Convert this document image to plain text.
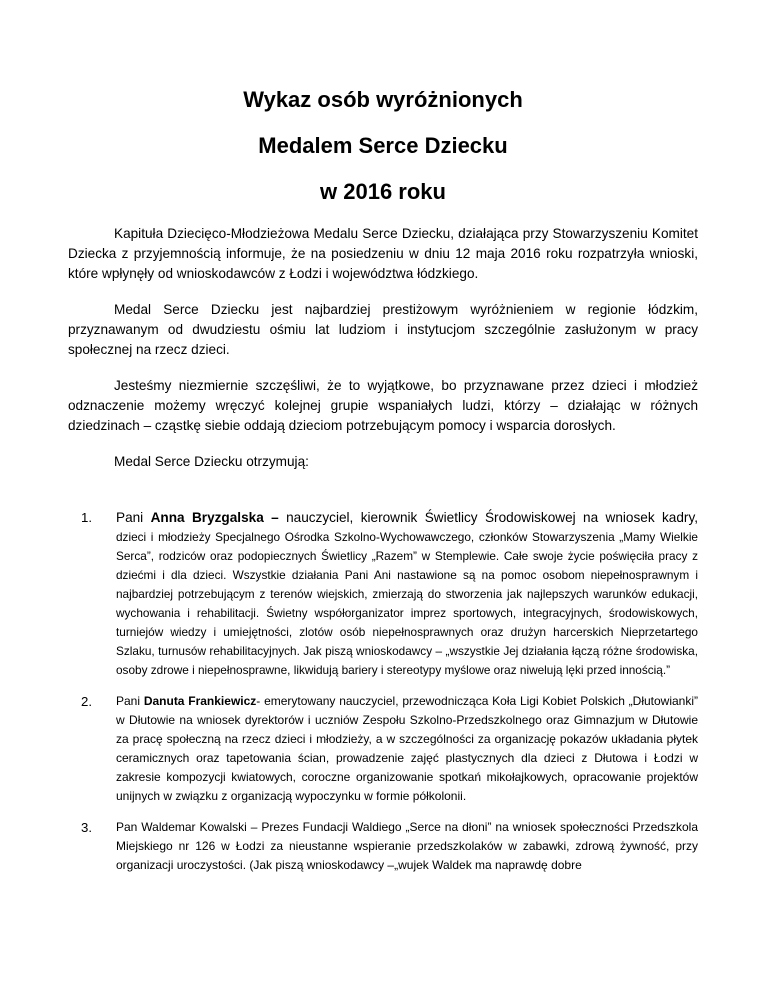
Wykaz osób wyróżnionych

Medalem Serce Dziecku

w 2016 roku

Kapituła Dziecięco-Młodzieżowa Medalu Serce Dziecku, działająca przy Stowarzyszeniu Komitet Dziecka z przyjemnością informuje, że na posiedzeniu w dniu 12 maja 2016 roku rozpatrzyła wnioski, które wpłynęły od wnioskodawców z Łodzi i województwa łódzkiego.

Medal Serce Dziecku jest najbardziej prestiżowym wyróżnieniem w regionie łódzkim, przyznawanym od dwudziestu ośmiu lat ludziom i instytucjom szczególnie zasłużonym w pracy społecznej na rzecz dzieci.

Jesteśmy niezmiernie szczęśliwi, że to wyjątkowe, bo przyznawane przez dzieci i młodzież odznaczenie możemy wręczyć kolejnej grupie wspaniałych ludzi, którzy – działając w różnych dziedzinach – cząstkę siebie oddają dzieciom potrzebującym pomocy i wsparcia dorosłych.

Medal Serce Dziecku otrzymują:

1. Pani Anna Bryzgalska – nauczyciel, kierownik Świetlicy Środowiskowej na wniosek kadry,
dzieci i młodzieży Specjalnego Ośrodka Szkolno-Wychowawczego, członków Stowarzyszenia „Mamy Wielkie Serca”, rodziców oraz podopiecznych Świetlicy „Razem” w Stemplewie. Całe swoje życie poświęciła pracy z dziećmi i dla dzieci. Wszystkie działania Pani Ani nastawione są na pomoc osobom niepełnosprawnym i najbardziej potrzebującym z terenów wiejskich, zmierzają do stworzenia jak najlepszych warunków edukacji, wychowania i rehabilitacji. Świetny współorganizator imprez sportowych, integracyjnych, środowiskowych, turniejów wiedzy i umiejętności, zlotów osób niepełnosprawnych oraz drużyn harcerskich Nieprzetartego Szlaku, turnusów rehabilitacyjnych. Jak piszą wnioskodawcy – „wszystkie Jej działania łączą różne środowiska, osoby zdrowe i niepełnosprawne, likwidują bariery i stereotypy myślowe oraz niwelują lęki przed innością.”
2. Pani Danuta Frankiewicz- emerytowany nauczyciel, przewodnicząca Koła Ligi Kobiet Polskich „Dłutowianki” w Dłutowie na wniosek dyrektorów i uczniów Zespołu Szkolno-Przedszkolnego oraz Gimnazjum w Dłutowie za pracę społeczną na rzecz dzieci i młodzieży, a w szczególności za organizację pokazów układania płytek ceramicznych oraz tapetowania ścian, prowadzenie zajęć plastycznych dla dzieci z Dłutowa i Łodzi w zakresie kompozycji kwiatowych, coroczne organizowanie spotkań mikołajkowych, opracowanie projektów unijnych w związku z organizacją wypoczynku w formie półkolonii.
3. Pan Waldemar Kowalski – Prezes Fundacji Waldiego „Serce na dłoni” na wniosek społeczności Przedszkola Miejskiego nr 126 w Łodzi za nieustanne wspieranie przedszkolaków w zabawki, zdrową żywność, przy organizacji uroczystości. (Jak piszą wnioskodawcy –„wujek Waldek ma naprawdę dobre
